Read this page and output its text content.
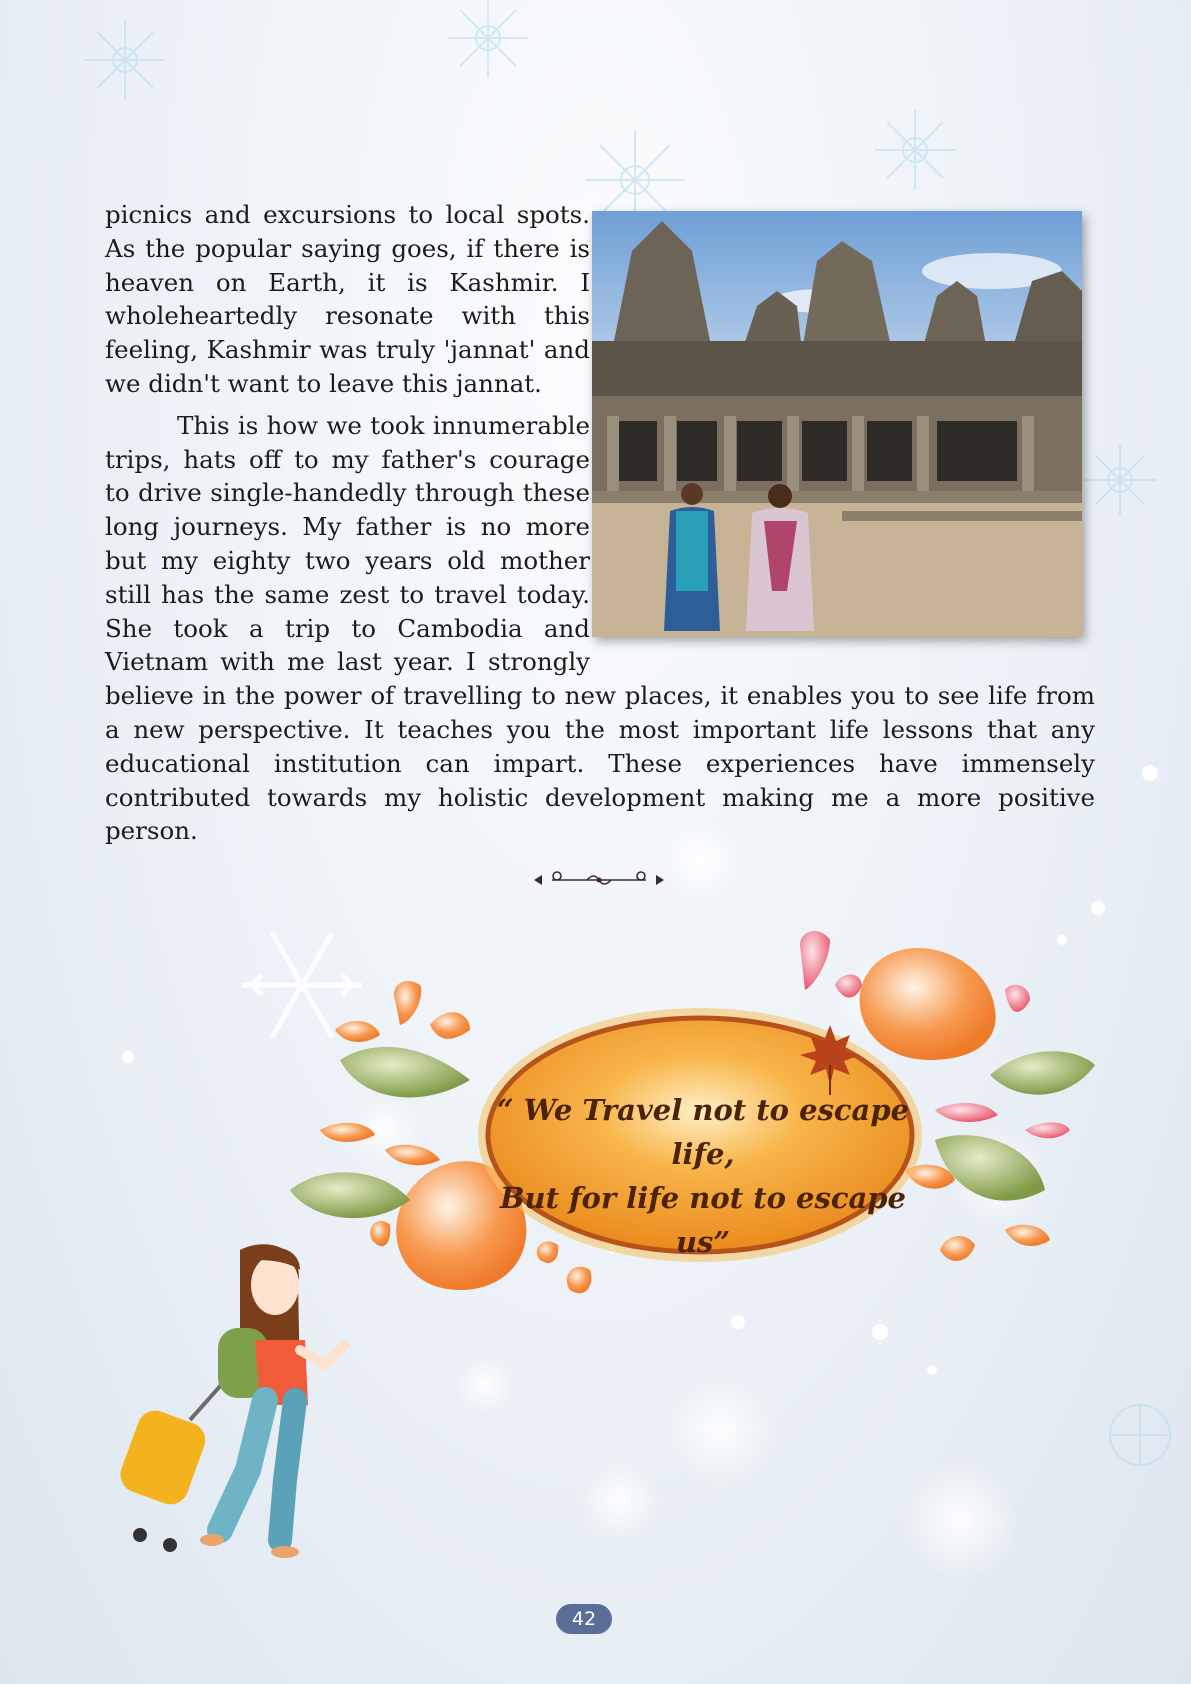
picnics and excursions to local spots. As the popular saying goes, if there is heaven on Earth, it is Kashmir. I wholeheartedly resonate with this feeling, Kashmir was truly 'jannat' and we didn't want to leave this jannat.

This is how we took innumerable trips, hats off to my father's courage to drive single-handedly through these long journeys. My father is no more but my eighty two years old mother still has the same zest to travel today. She took a trip to Cambodia and Vietnam with me last year. I strongly believe in the power of travelling to new places, it enables you to see life from a new perspective. It teaches you the most important life lessons that any educational institution can impart. These experiences have immensely contributed towards my holistic development making me a more positive person.

“ We Travel not to escape life,
But for life not to escape us”
42
